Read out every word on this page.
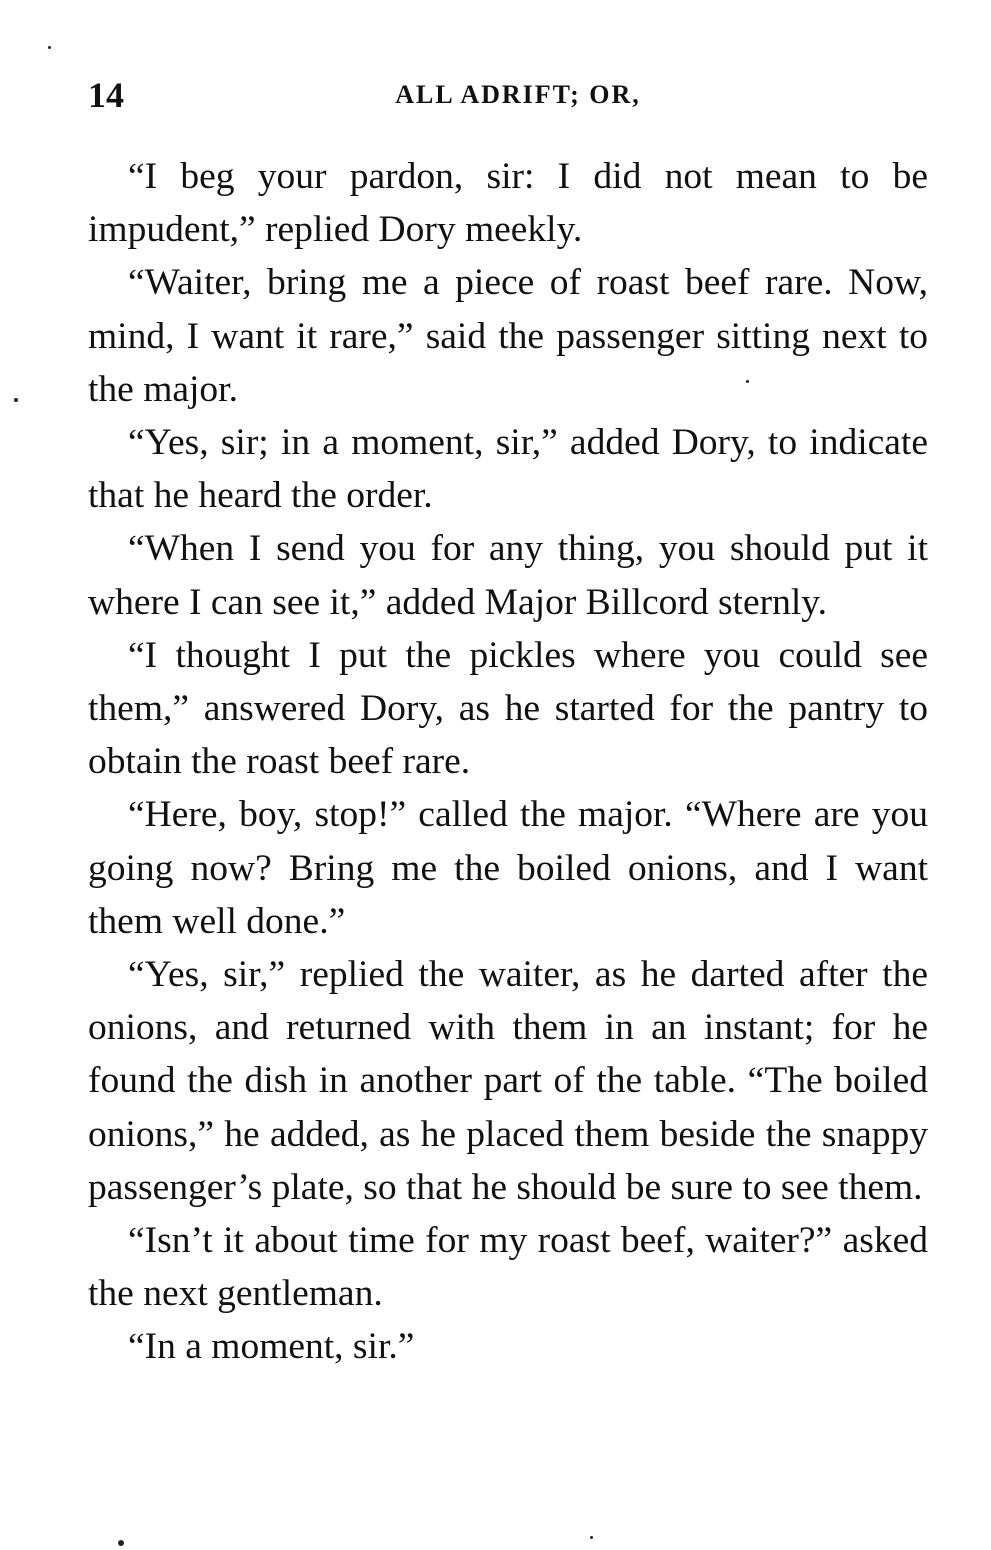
14	ALL ADRIFT; OR,

“I beg your pardon, sir: I did not mean to be impudent,” replied Dory meekly.

“Waiter, bring me a piece of roast beef rare. Now, mind, I want it rare,” said the passenger sitting next to the major.

“Yes, sir; in a moment, sir,” added Dory, to indicate that he heard the order.

“When I send you for any thing, you should put it where I can see it,” added Major Billcord sternly.

“I thought I put the pickles where you could see them,” answered Dory, as he started for the pantry to obtain the roast beef rare.

“Here, boy, stop!” called the major. “Where are you going now? Bring me the boiled onions, and I want them well done.”

“Yes, sir,” replied the waiter, as he darted after the onions, and returned with them in an instant; for he found the dish in another part of the table. “The boiled onions,” he added, as he placed them beside the snappy passenger’s plate, so that he should be sure to see them.

“Isn’t it about time for my roast beef, waiter?” asked the next gentleman.

“In a moment, sir.”
